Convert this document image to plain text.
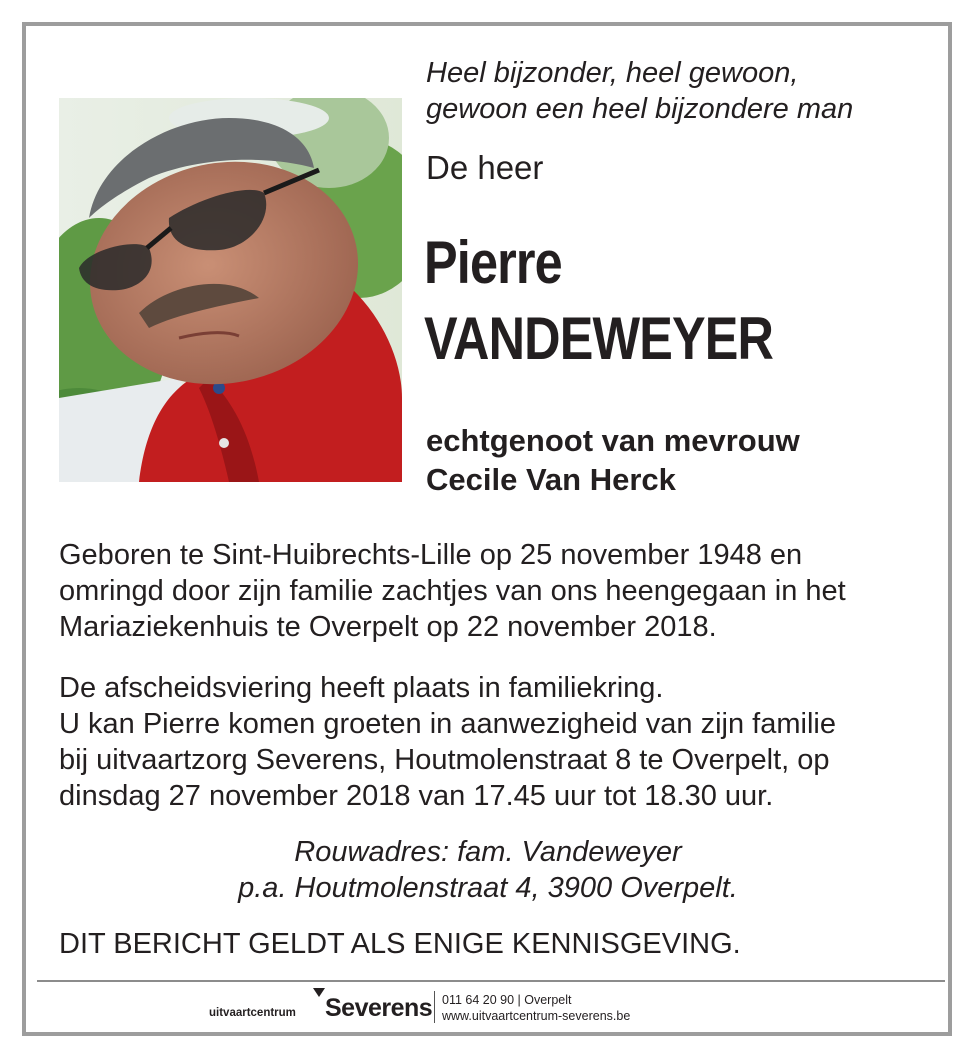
Heel bijzonder, heel gewoon,
gewoon een heel bijzondere man
De heer
Pierre
VANDEWEYER
echtgenoot van mevrouw
Cecile Van Herck
Geboren te Sint-Huibrechts-Lille op 25 november 1948 en
omringd door zijn familie zachtjes van ons heengegaan in het
Mariaziekenhuis te Overpelt op 22 november 2018.
De afscheidsviering heeft plaats in familiekring.
U kan Pierre komen groeten in aanwezigheid van zijn familie
bij uitvaartzorg Severens, Houtmolenstraat 8 te Overpelt, op
dinsdag 27 november 2018 van 17.45 uur tot 18.30 uur.
Rouwadres: fam. Vandeweyer
p.a. Houtmolenstraat 4, 3900 Overpelt.
DIT BERICHT GELDT ALS ENIGE KENNISGEVING.
uitvaartcentrum Severens 011 64 20 90 | Overpelt
www.uitvaartcentrum-severens.be
